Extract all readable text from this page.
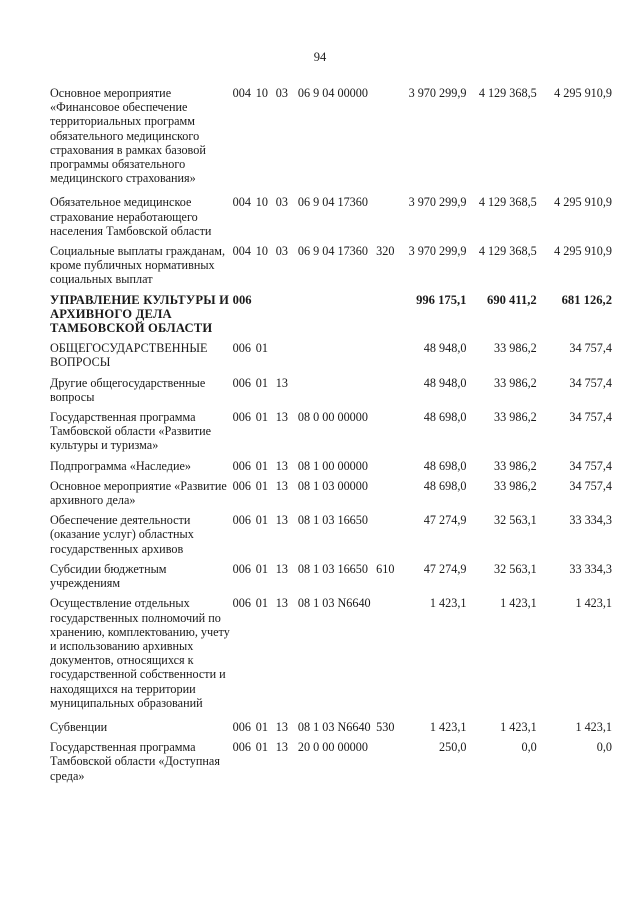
94
Основное мероприятие «Финансовое обеспечение территориальных программ обязательного медицинского страхования в рамках базовой программы обязательного медицинского страхования»	004	10	03	06 9 04 00000		3 970 299,9	4 129 368,5	4 295 910,9
Обязательное медицинское страхование неработающего населения Тамбовской области	004	10	03	06 9 04 17360		3 970 299,9	4 129 368,5	4 295 910,9
Социальные выплаты гражданам, кроме публичных нормативных социальных выплат	004	10	03	06 9 04 17360	320	3 970 299,9	4 129 368,5	4 295 910,9
УПРАВЛЕНИЕ КУЛЬТУРЫ И АРХИВНОГО ДЕЛА ТАМБОВСКОЙ ОБЛАСТИ	006					996 175,1	690 411,2	681 126,2
ОБЩЕГОСУДАРСТВЕННЫЕ ВОПРОСЫ	006	01				48 948,0	33 986,2	34 757,4
Другие общегосударственные вопросы	006	01	13			48 948,0	33 986,2	34 757,4
Государственная программа Тамбовской области «Развитие культуры и туризма»	006	01	13	08 0 00 00000		48 698,0	33 986,2	34 757,4
Подпрограмма «Наследие»	006	01	13	08 1 00 00000		48 698,0	33 986,2	34 757,4
Основное мероприятие «Развитие архивного дела»	006	01	13	08 1 03 00000		48 698,0	33 986,2	34 757,4
Обеспечение деятельности (оказание услуг) областных государственных архивов	006	01	13	08 1 03 16650		47 274,9	32 563,1	33 334,3
Субсидии бюджетным учреждениям	006	01	13	08 1 03 16650	610	47 274,9	32 563,1	33 334,3
Осуществление отдельных государственных полномочий по хранению, комплектованию, учету и использованию архивных документов, относящихся к государственной собственности и находящихся на территории муниципальных образований	006	01	13	08 1 03 N6640		1 423,1	1 423,1	1 423,1
Субвенции	006	01	13	08 1 03 N6640	530	1 423,1	1 423,1	1 423,1
Государственная программа Тамбовской области «Доступная среда»	006	01	13	20 0 00 00000		250,0	0,0	0,0
